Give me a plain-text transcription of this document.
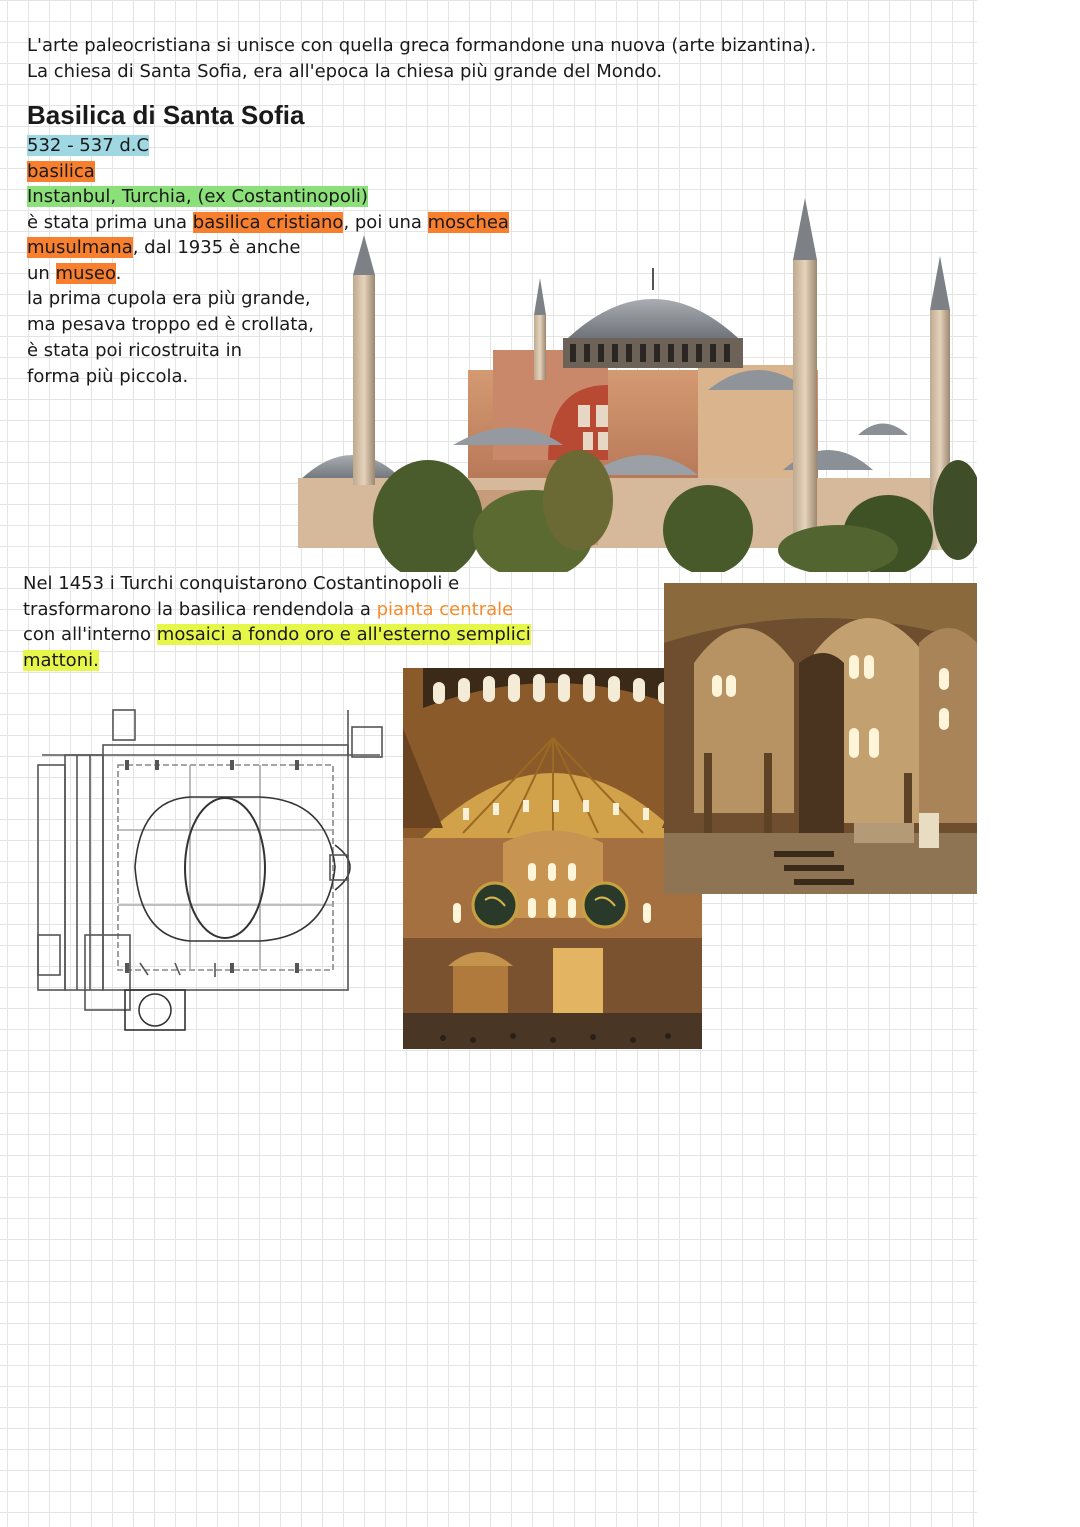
L'arte paleocristiana si unisce con quella greca formandone una nuova (arte bizantina).
La chiesa di Santa Sofia, era all'epoca la chiesa più grande del Mondo.
Basilica di Santa Sofia
532 - 537 d.C
basilica
Instanbul, Turchia, (ex Costantinopoli)
è stata prima una basilica cristiano, poi una moschea
musulmana, dal 1935 è anche
un museo.
la prima cupola era più grande,
ma pesava troppo ed è crollata,
è stata poi ricostruita in
forma più piccola.
Nel 1453 i Turchi conquistarono Costantinopoli e
trasformarono la basilica rendendola a pianta centrale
con all'interno mosaici a fondo oro e all'esterno semplici
mattoni.
